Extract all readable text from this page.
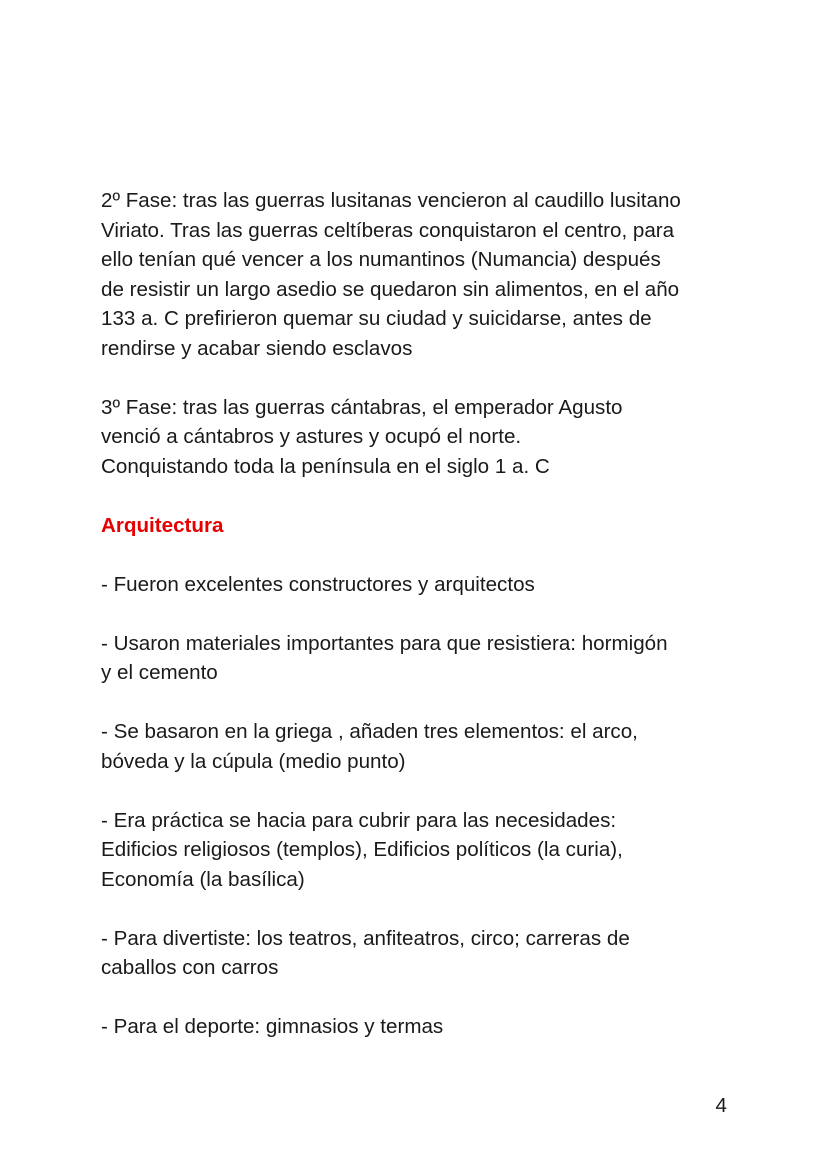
2º Fase: tras las guerras lusitanas vencieron al caudillo lusitano
Viriato. Tras las guerras celtíberas conquistaron el centro, para
ello tenían qué vencer a los numantinos (Numancia) después
de resistir un largo asedio se quedaron sin alimentos, en el año
133 a. C prefirieron quemar su ciudad y suicidarse, antes de
rendirse y acabar siendo esclavos

3º Fase: tras las guerras cántabras, el emperador Agusto
venció a cántabros y astures y ocupó el norte.
Conquistando toda la península en el siglo 1 a. C

Arquitectura

- Fueron excelentes constructores y arquitectos

- Usaron materiales importantes para que resistiera: hormigón
y el cemento

- Se basaron en la griega , añaden tres elementos: el arco,
bóveda y la cúpula (medio punto)

- Era práctica se hacia para cubrir para las necesidades:
Edificios religiosos (templos), Edificios políticos (la curia),
Economía (la basílica)

- Para divertiste: los teatros, anfiteatros, circo; carreras de
caballos con carros

- Para el deporte: gimnasios y termas

4
